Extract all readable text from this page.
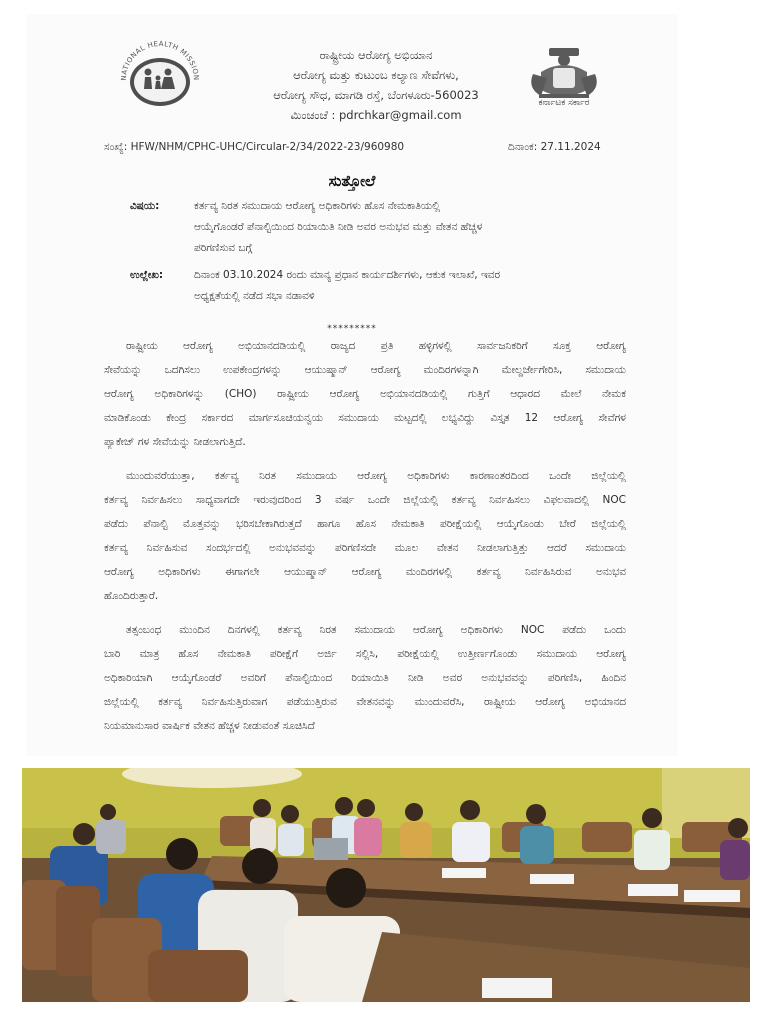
NATIONAL HEALTH MISSION
ರಾಷ್ಟ್ರೀಯ ಆರೋಗ್ಯ ಅಭಿಯಾನ
ಆರೋಗ್ಯ ಮತ್ತು ಕುಟುಂಬ ಕಲ್ಯಾಣ ಸೇವೆಗಳು,
ಆರೋಗ್ಯ ಸೌಧ, ಮಾಗಡಿ ರಸ್ತೆ, ಬೆಂಗಳೂರು-560023
ಮಿಂಚಂಚೆ : pdrchkar@gmail.com
ಕರ್ನಾಟಕ ಸರ್ಕಾರ
ಸಂಖ್ಯೆ: HFW/NHM/CPHC-UHC/Circular-2/34/2022-23/960980	ದಿನಾಂಕ: 27.11.2024
ಸುತ್ತೋಲೆ
ವಿಷಯ:	ಕರ್ತವ್ಯ ನಿರತ ಸಮುದಾಯ ಆರೋಗ್ಯ ಅಧಿಕಾರಿಗಳು ಹೊಸ ನೇಮಕಾತಿಯಲ್ಲಿ
ಆಯ್ಕೆಗೊಂಡರೆ ಪೆನಾಲ್ಟಿಯಿಂದ ರಿಯಾಯಿತಿ ನೀಡಿ ಅವರ ಅನುಭವ ಮತ್ತು ವೇತನ ಹೆಚ್ಚಳ
ಪರಿಗಣಿಸುವ ಬಗ್ಗೆ
ಉಲ್ಲೇಖ:	ದಿನಾಂಕ 03.10.2024 ರಂದು ಮಾನ್ಯ ಪ್ರಧಾನ ಕಾರ್ಯದರ್ಶಿಗಳು, ಆಕುಕ ಇಲಾಖೆ, ಇವರ
ಅಧ್ಯಕ್ಷತೆಯಲ್ಲಿ ನಡೆದ ಸಭಾ ನಡಾವಳಿ
*********
ರಾಷ್ಟ್ರೀಯ ಆರೋಗ್ಯ ಅಭಿಯಾನದಡಿಯಲ್ಲಿ ರಾಜ್ಯದ ಪ್ರತಿ ಹಳ್ಳಿಗಳಲ್ಲಿ ಸಾರ್ವಜನಿಕರಿಗೆ ಸೂಕ್ತ ಆರೋಗ್ಯ
ಸೇವೆಯನ್ನು ಒದಗಿಸಲು ಉಪಕೇಂದ್ರಗಳನ್ನು ಆಯುಷ್ಮಾನ್ ಆರೋಗ್ಯ ಮಂದಿರಗಳನ್ನಾಗಿ ಮೇಲ್ದರ್ಜೇಗೇರಿಸಿ, ಸಮುದಾಯ
ಆರೋಗ್ಯ ಅಧಿಕಾರಿಗಳನ್ನು (CHO) ರಾಷ್ಟ್ರೀಯ ಆರೋಗ್ಯ ಅಭಿಯಾನದಡಿಯಲ್ಲಿ ಗುತ್ತಿಗೆ ಆಧಾರದ ಮೇಲೆ ನೇಮಕ
ಮಾಡಿಕೊಂಡು ಕೇಂದ್ರ ಸರ್ಕಾರದ ಮಾರ್ಗಸೂಚಿಯನ್ವಯ ಸಮುದಾಯ ಮಟ್ಟದಲ್ಲಿ ಲಭ್ಯವಿದ್ದು ವಿಸ್ತೃತ 12 ಆರೋಗ್ಯ ಸೇವೆಗಳ
ಪ್ಯಾಕೇಜ್ ಗಳ ಸೇವೆಯನ್ನು ನೀಡಲಾಗುತ್ತಿದೆ.
ಮುಂದುವರೆಯುತ್ತಾ, ಕರ್ತವ್ಯ ನಿರತ ಸಮುದಾಯ ಆರೋಗ್ಯ ಅಧಿಕಾರಿಗಳು ಕಾರಣಾಂತರದಿಂದ ಒಂದೇ ಜಿಲ್ಲೆಯಲ್ಲಿ
ಕರ್ತವ್ಯ ನಿರ್ವಹಿಸಲು ಸಾಧ್ಯವಾಗದೇ ಇರುವುದರಿಂದ 3 ವರ್ಷ ಒಂದೇ ಜಿಲ್ಲೆಯಲ್ಲಿ ಕರ್ತವ್ಯ ನಿರ್ವಹಿಸಲು ವಿಫಲವಾದಲ್ಲಿ NOC
ಪಡೆದು ಪೆನಾಲ್ಟಿ ಮೊತ್ತವನ್ನು ಭರಿಸಬೇಕಾಗಿರುತ್ತದೆ ಹಾಗೂ ಹೊಸ ನೇಮಕಾತಿ ಪರೀಕ್ಷೆಯಲ್ಲಿ ಆಯ್ಕೆಗೊಂಡು ಬೇರೆ ಜಿಲ್ಲೆಯಲ್ಲಿ
ಕರ್ತವ್ಯ ನಿರ್ವಹಿಸುವ ಸಂದರ್ಭದಲ್ಲಿ ಅನುಭವವನ್ನು ಪರಿಗಣಿಸದೇ ಮೂಲ ವೇತನ ನೀಡಲಾಗುತ್ತಿತ್ತು ಆದರೆ ಸಮುದಾಯ
ಆರೋಗ್ಯ ಅಧಿಕಾರಿಗಳು ಈಗಾಗಲೇ ಆಯುಷ್ಮಾನ್ ಆರೋಗ್ಯ ಮಂದಿರಗಳಲ್ಲಿ ಕರ್ತವ್ಯ ನಿರ್ವಹಿಸಿರುವ ಅನುಭವ
ಹೊಂದಿರುತ್ತಾರೆ.
ತತ್ಸಂಬಂಧ ಮುಂದಿನ ದಿನಗಳಲ್ಲಿ ಕರ್ತವ್ಯ ನಿರತ ಸಮುದಾಯ ಆರೋಗ್ಯ ಅಧಿಕಾರಿಗಳು NOC ಪಡೆದು ಒಂದು
ಬಾರಿ ಮಾತ್ರ ಹೊಸ ನೇಮಕಾತಿ ಪರೀಕ್ಷೆಗೆ ಅರ್ಜಿ ಸಲ್ಲಿಸಿ, ಪರೀಕ್ಷೆಯಲ್ಲಿ ಉತ್ತೀರ್ಣಗೊಂಡು ಸಮುದಾಯ ಆರೋಗ್ಯ
ಅಧಿಕಾರಿಯಾಗಿ ಆಯ್ಕೆಗೊಂಡರೆ ಅವರಿಗೆ ಪೆನಾಲ್ಟಿಯಿಂದ ರಿಯಾಯಿತಿ ನೀಡಿ ಅವರ ಅನುಭವವನ್ನು ಪರಿಗಣಿಸಿ, ಹಿಂದಿನ
ಜಿಲ್ಲೆಯಲ್ಲಿ ಕರ್ತವ್ಯ ನಿರ್ವಹಿಸುತ್ತಿರುವಾಗ ಪಡೆಯುತ್ತಿರುವ ವೇತನವನ್ನು ಮುಂದುವರೆಸಿ, ರಾಷ್ಟ್ರೀಯ ಆರೋಗ್ಯ ಅಭಿಯಾನದ
ನಿಯಮಾನುಸಾರ ವಾರ್ಷಿಕ ವೇತನ ಹೆಚ್ಚಳ ನೀಡುವಂತೆ ಸೂಚಿಸಿದೆ
